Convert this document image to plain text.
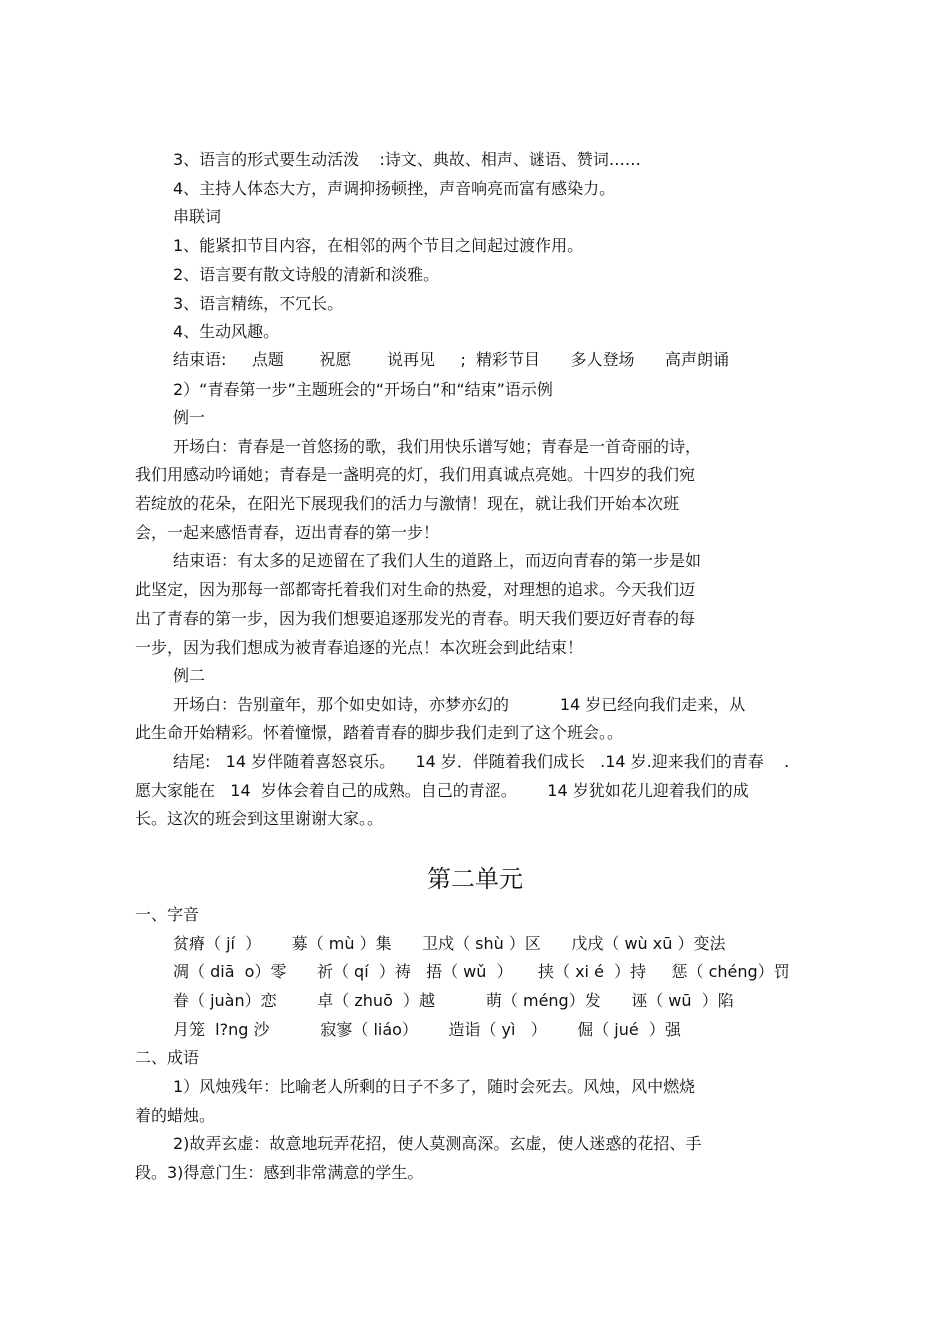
3、语言的形式要生动活泼    :诗文、典故、相声、谜语、赞词……
4、主持人体态大方，声调抑扬顿挫，声音响亮而富有感染力。
串联词
1、能紧扣节目内容，在相邻的两个节目之间起过渡作用。
2、语言要有散文诗般的清新和淡雅。
3、语言精练，不冗长。
4、生动风趣。
结束语:     点题       祝愿       说再见     ;  精彩节目      多人登场      高声朗诵
2）“青春第一步”主题班会的“开场白”和“结束”语示例
例一
开场白：青春是一首悠扬的歌，我们用快乐谱写她；青春是一首奇丽的诗，
我们用感动吟诵她；青春是一盏明亮的灯，我们用真诚点亮她。十四岁的我们宛
若绽放的花朵，在阳光下展现我们的活力与激情！现在，就让我们开始本次班
会，一起来感悟青春，迈出青春的第一步！
结束语：有太多的足迹留在了我们人生的道路上，而迈向青春的第一步是如
此坚定，因为那每一部都寄托着我们对生命的热爱，对理想的追求。今天我们迈
出了青春的第一步，因为我们想要追逐那发光的青春。明天我们要迈好青春的每
一步，因为我们想成为被青春追逐的光点！本次班会到此结束！
例二
开场白：告别童年，那个如史如诗，亦梦亦幻的          14 岁已经向我们走来，从
此生命开始精彩。怀着憧憬，踏着青春的脚步我们走到了这个班会。。
结尾:   14 岁伴随着喜怒哀乐。    14 岁．伴随着我们成长   .14 岁.迎来我们的青春    .
愿大家能在   14  岁体会着自己的成熟。自己的青涩。      14 岁犹如花儿迎着我们的成
长。这次的班会到这里谢谢大家。。
第二单元
一、字音
贫瘠（ jí  ）      募（ mù ）集      卫戍（ shù ）区      戊戌（ wù xū ）变法
凋（ diā  o）零      祈（ qí  ）祷   捂（ wǔ  ）     挟（ xi é  ）持     惩（ chéng）罚
眷（ juàn）恋        卓（ zhuō  ）越          萌（ méng）发      诬（ wū  ）陷
月笼  l?ng 沙          寂寥（ liáo）      造诣（ yì   ）      倔（ jué  ）强
二、成语
1）风烛残年：比喻老人所剩的日子不多了，随时会死去。风烛，风中燃烧
着的蜡烛。
2)故弄玄虚：故意地玩弄花招，使人莫测高深。玄虚，使人迷惑的花招、手
段。3)得意门生：感到非常满意的学生。
